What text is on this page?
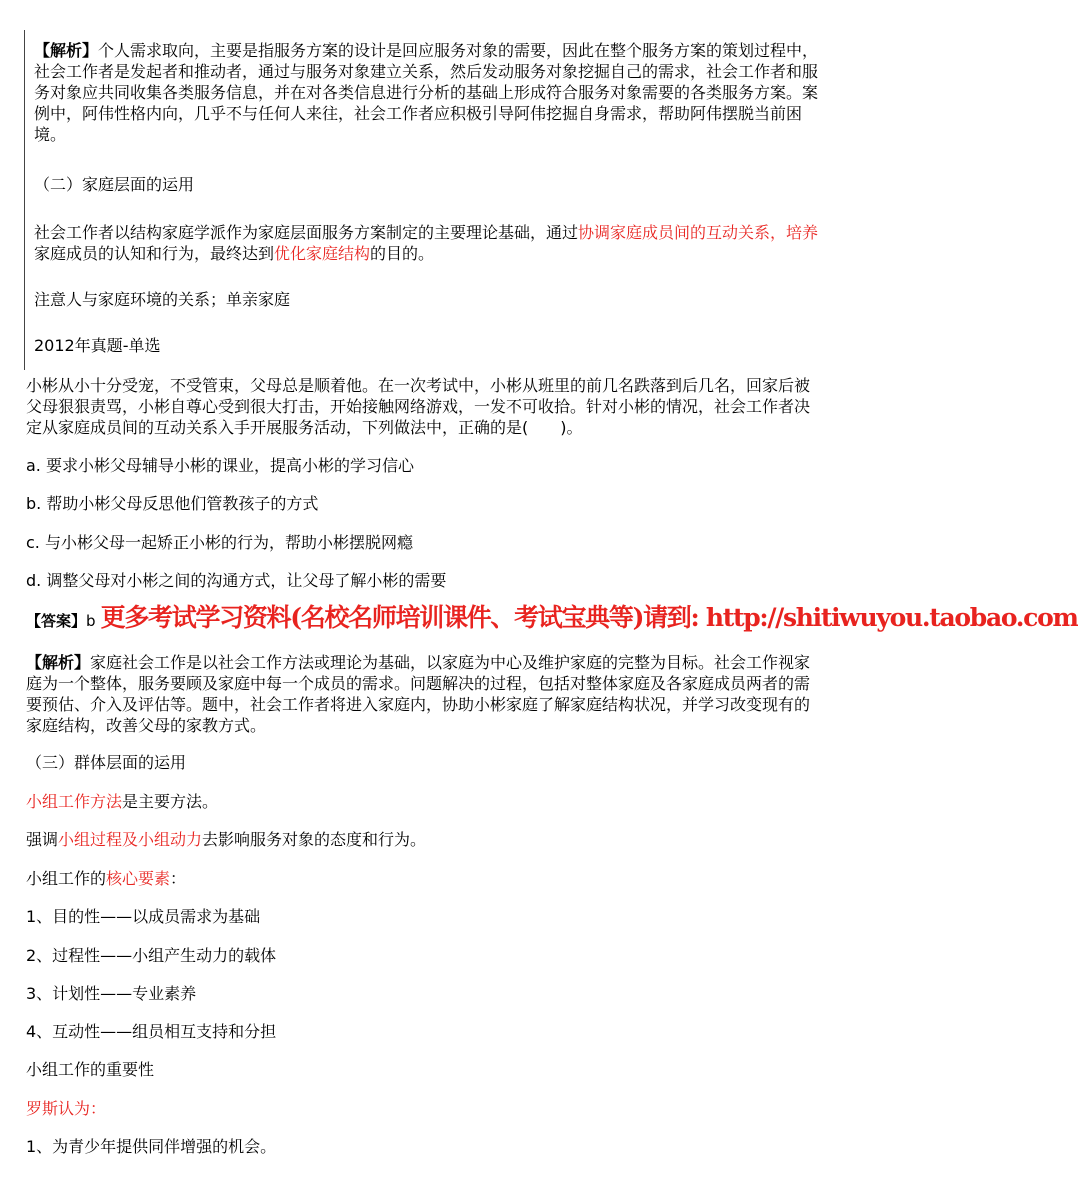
【解析】个人需求取向，主要是指服务方案的设计是回应服务对象的需要，因此在整个服务方案的策划过程中，
社会工作者是发起者和推动者，通过与服务对象建立关系，然后发动服务对象挖掘自己的需求，社会工作者和服
务对象应共同收集各类服务信息，并在对各类信息进行分析的基础上形成符合服务对象需要的各类服务方案。案
例中，阿伟性格内向，几乎不与任何人来往，社会工作者应积极引导阿伟挖掘自身需求，帮助阿伟摆脱当前困
境。
（二）家庭层面的运用
社会工作者以结构家庭学派作为家庭层面服务方案制定的主要理论基础，通过协调家庭成员间的互动关系，培养
家庭成员的认知和行为，最终达到优化家庭结构的目的。
注意人与家庭环境的关系；单亲家庭
2012年真题-单选
小彬从小十分受宠，不受管束，父母总是顺着他。在一次考试中，小彬从班里的前几名跌落到后几名，回家后被
父母狠狠责骂，小彬自尊心受到很大打击，开始接触网络游戏，一发不可收拾。针对小彬的情况，社会工作者决
定从家庭成员间的互动关系入手开展服务活动，下列做法中，正确的是(　　)。
a. 要求小彬父母辅导小彬的课业，提高小彬的学习信心
b. 帮助小彬父母反思他们管教孩子的方式
c. 与小彬父母一起矫正小彬的行为，帮助小彬摆脱网瘾
d. 调整父母对小彬之间的沟通方式，让父母了解小彬的需要
【答案】b 更多考试学习资料(名校名师培训课件、考试宝典等)请到: http://shitiwuyou.taobao.com
【解析】家庭社会工作是以社会工作方法或理论为基础，以家庭为中心及维护家庭的完整为目标。社会工作视家
庭为一个整体，服务要顾及家庭中每一个成员的需求。问题解决的过程，包括对整体家庭及各家庭成员两者的需
要预估、介入及评估等。题中，社会工作者将进入家庭内，协助小彬家庭了解家庭结构状况，并学习改变现有的
家庭结构，改善父母的家教方式。
（三）群体层面的运用
小组工作方法是主要方法。
强调小组过程及小组动力去影响服务对象的态度和行为。
小组工作的核心要素：
1、目的性——以成员需求为基础
2、过程性——小组产生动力的载体
3、计划性——专业素养
4、互动性——组员相互支持和分担
小组工作的重要性
罗斯认为：
1、为青少年提供同伴增强的机会。
